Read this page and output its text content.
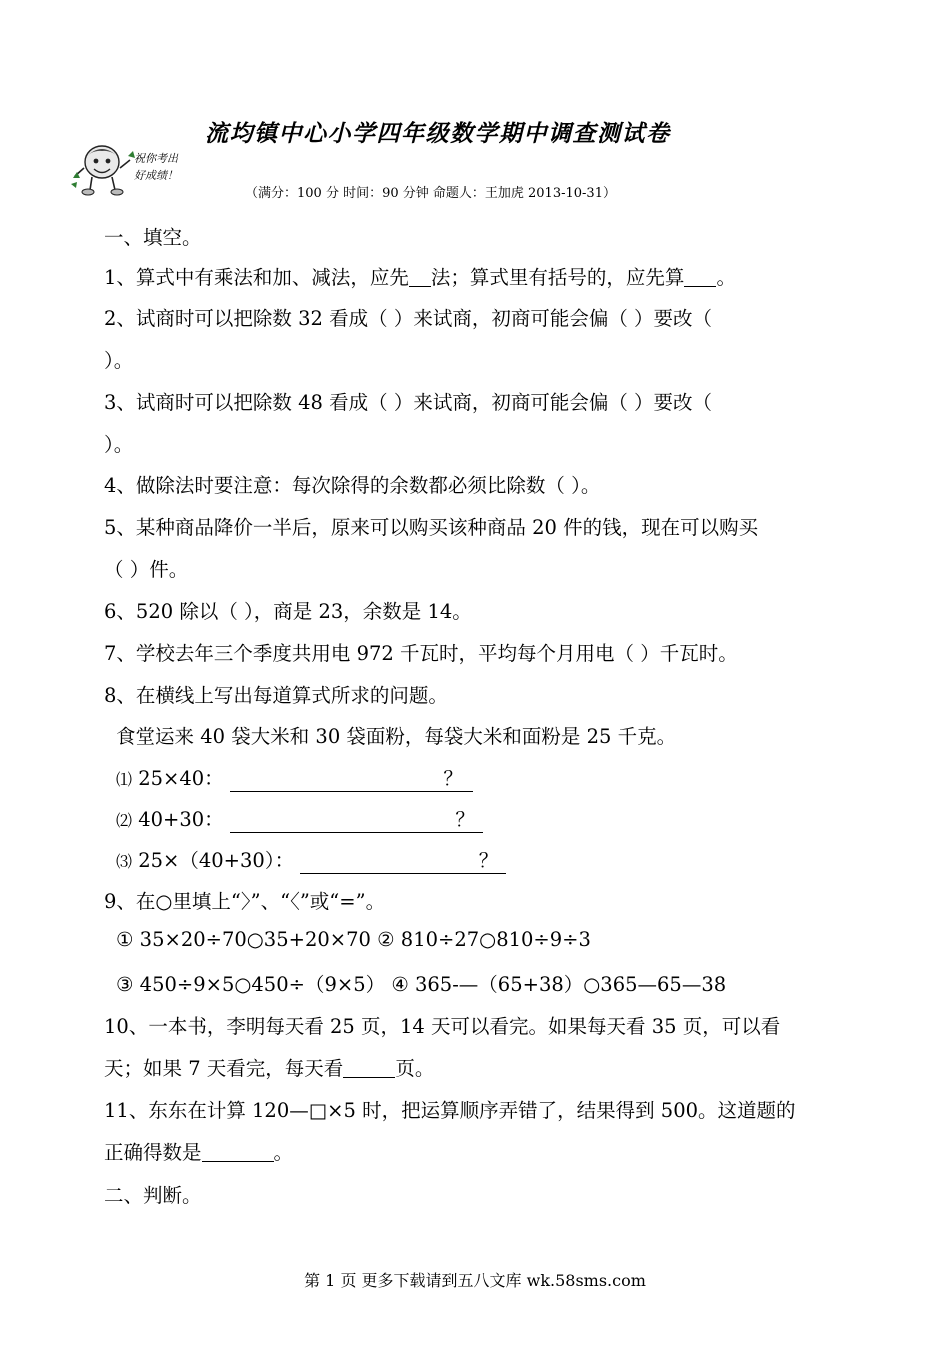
流均镇中心小学四年级数学期中调查测试卷
祝你考出
好成绩！
（满分：100 分 时间：90 分钟 命题人：王加虎 2013-10-31）
一、填空。
1、算式中有乘法和加、减法，应先 法；算式里有括号的，应先算 。
2、试商时可以把除数 32 看成（ ）来试商，初商可能会偏（ ）要改（
）。
3、试商时可以把除数 48 看成（ ）来试商，初商可能会偏（ ）要改（
）。
4、做除法时要注意：每次除得的余数都必须比除数（ ）。
5、某种商品降价一半后，原来可以购买该种商品 20 件的钱，现在可以购买
（ ）件。
6、520 除以（ ），商是 23，余数是 14。
7、学校去年三个季度共用电 972 千瓦时，平均每个月用电（ ）千瓦时。
8、在横线上写出每道算式所求的问题。
食堂运来 40 袋大米和 30 袋面粉，每袋大米和面粉是 25 千克。
⑴ 25×40：	？
⑵ 40+30：	？
⑶ 25×（40+30）：	？
9、在○里填上“〉”、“〈”或“=”。
① 35×20÷70○35+20×70 ② 810÷27○810÷9÷3
③ 450÷9×5○450÷（9×5） ④ 365-—（65+38）○365—65—38
10、一本书，李明每天看 25 页，14 天可以看完。如果每天看 35 页，可以看
天；如果 7 天看完，每天看	页。
11、东东在计算 120—□×5 时，把运算顺序弄错了，结果得到 500。这道题的
正确得数是	。
二、判断。
第 1 页 更多下载请到五八文库 wk.58sms.com
